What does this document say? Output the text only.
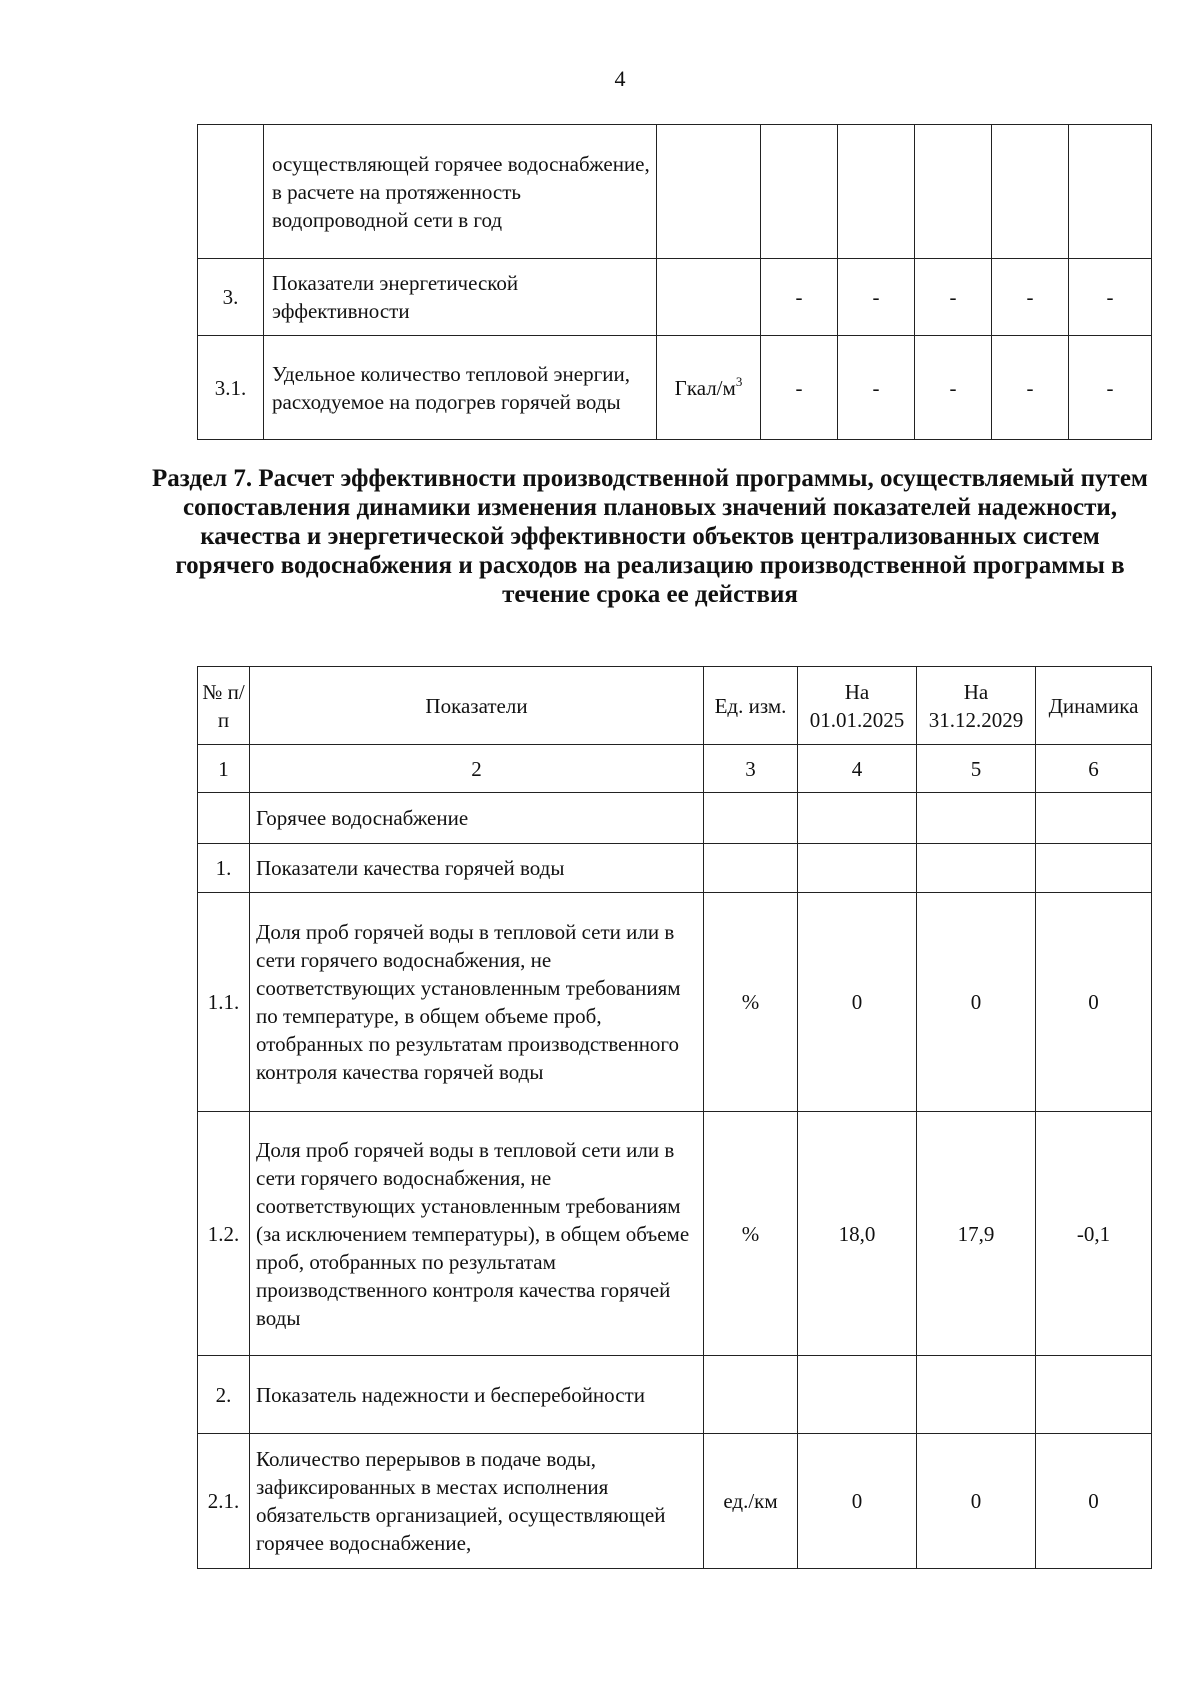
4
	осуществляющей горячее водоснабжение, в расчете на протяженность водопроводной сети в год						
3.	Показатели энергетической эффективности		-	-	-	-	-
3.1.	Удельное количество тепловой энергии, расходуемое на подогрев горячей воды	Гкал/$м^3$	-	-	-	-	-
Раздел 7. Расчет эффективности производственной программы, осуществляемый путем сопоставления динамики изменения плановых значений показателей надежности, качества и энергетической эффективности объектов централизованных систем горячего водоснабжения и расходов на реализацию производственной программы в течение срока ее действия
№ п/п	Показатели	Ед. изм.	На 01.01.2025	На 31.12.2029	Динамика
1	2	3	4	5	6
	Горячее водоснабжение				
1.	Показатели качества горячей воды				
1.1.	Доля проб горячей воды в тепловой сети или в сети горячего водоснабжения, не соответствующих установленным требованиям по температуре, в общем объеме проб, отобранных по результатам производственного контроля качества горячей воды	%	0	0	0
1.2.	Доля проб горячей воды в тепловой сети или в сети горячего водоснабжения, не соответствующих установленным требованиям (за исключением температуры), в общем объеме проб, отобранных по результатам производственного контроля качества горячей воды	%	18,0	17,9	-0,1
2.	Показатель надежности и бесперебойности				
2.1.	Количество перерывов в подаче воды, зафиксированных в местах исполнения обязательств организацией, осуществляющей горячее водоснабжение,	ед./км	0	0	0
